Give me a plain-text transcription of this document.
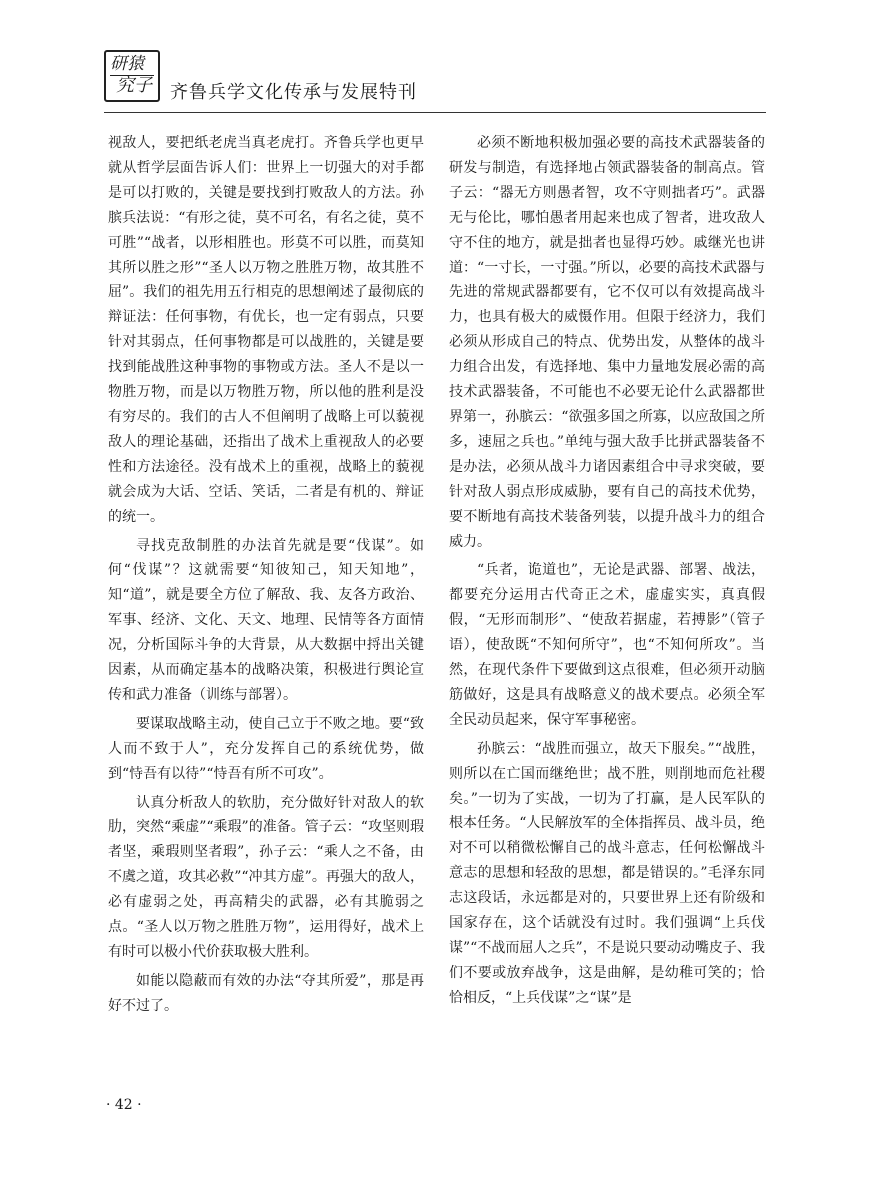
研猿
究子 齐鲁兵学文化传承与发展特刊

视敌人，要把纸老虎当真老虎打。齐鲁兵学也更早就从哲学层面告诉人们：世界上一切强大的对手都是可以打败的，关键是要找到打败敌人的方法。孙膑兵法说：“有形之徒，莫不可名，有名之徒，莫不可胜”“战者，以形相胜也。形莫不可以胜，而莫知其所以胜之形”“圣人以万物之胜胜万物，故其胜不屈”。我们的祖先用五行相克的思想阐述了最彻底的辩证法：任何事物，有优长，也一定有弱点，只要针对其弱点，任何事物都是可以战胜的，关键是要找到能战胜这种事物的事物或方法。圣人不是以一物胜万物，而是以万物胜万物，所以他的胜利是没有穷尽的。我们的古人不但阐明了战略上可以藐视敌人的理论基础，还指出了战术上重视敌人的必要性和方法途径。没有战术上的重视，战略上的藐视就会成为大话、空话、笑话，二者是有机的、辩证的统一。

寻找克敌制胜的办法首先就是要“伐谋”。如何“伐谋”？这就需要“知彼知己，知天知地”，知“道”，就是要全方位了解敌、我、友各方政治、军事、经济、文化、天文、地理、民情等各方面情况，分析国际斗争的大背景，从大数据中捋出关键因素，从而确定基本的战略决策，积极进行舆论宣传和武力准备（训练与部署）。

要谋取战略主动，使自己立于不败之地。要“致人而不致于人”，充分发挥自己的系统优势，做到“恃吾有以待”“恃吾有所不可攻”。

认真分析敌人的软肋，充分做好针对敌人的软肋，突然“乘虚”“乘瑕”的准备。管子云：“攻坚则瑕者坚，乘瑕则坚者瑕”，孙子云：“乘人之不备，由不虞之道，攻其必救”“冲其方虚”。再强大的敌人，必有虚弱之处，再高精尖的武器，必有其脆弱之点。“圣人以万物之胜胜万物”，运用得好，战术上有时可以极小代价获取极大胜利。

如能以隐蔽而有效的办法“夺其所爱”，那是再好不过了。

必须不断地积极加强必要的高技术武器装备的研发与制造，有选择地占领武器装备的制高点。管子云：“器无方则愚者智，攻不守则拙者巧”。武器无与伦比，哪怕愚者用起来也成了智者，进攻敌人守不住的地方，就是拙者也显得巧妙。戚继光也讲道：“一寸长，一寸强。”所以，必要的高技术武器与先进的常规武器都要有，它不仅可以有效提高战斗力，也具有极大的威慑作用。但限于经济力，我们必须从形成自己的特点、优势出发，从整体的战斗力组合出发，有选择地、集中力量地发展必需的高技术武器装备，不可能也不必要无论什么武器都世界第一，孙膑云：“欲强多国之所寡，以应敌国之所多，速屈之兵也。”单纯与强大敌手比拼武器装备不是办法，必须从战斗力诸因素组合中寻求突破，要针对敌人弱点形成威胁，要有自己的高技术优势，要不断地有高技术装备列装，以提升战斗力的组合威力。

“兵者，诡道也”，无论是武器、部署、战法，都要充分运用古代奇正之术，虚虚实实，真真假假，“无形而制形”、“使敌若据虚，若搏影”（管子语），使敌既“不知何所守”，也“不知何所攻”。当然，在现代条件下要做到这点很难，但必须开动脑筋做好，这是具有战略意义的战术要点。必须全军全民动员起来，保守军事秘密。

孙膑云：“战胜而强立，故天下服矣。”“战胜，则所以在亡国而继绝世；战不胜，则削地而危社稷矣。”一切为了实战，一切为了打赢，是人民军队的根本任务。“人民解放军的全体指挥员、战斗员，绝对不可以稍微松懈自己的战斗意志，任何松懈战斗意志的思想和轻敌的思想，都是错误的。”毛泽东同志这段话，永远都是对的，只要世界上还有阶级和国家存在，这个话就没有过时。我们强调“上兵伐谋”“不战而屈人之兵”，不是说只要动动嘴皮子、我们不要或放弃战争，这是曲解，是幼稚可笑的；恰恰相反，“上兵伐谋”之“谋”是

· 42 ·
